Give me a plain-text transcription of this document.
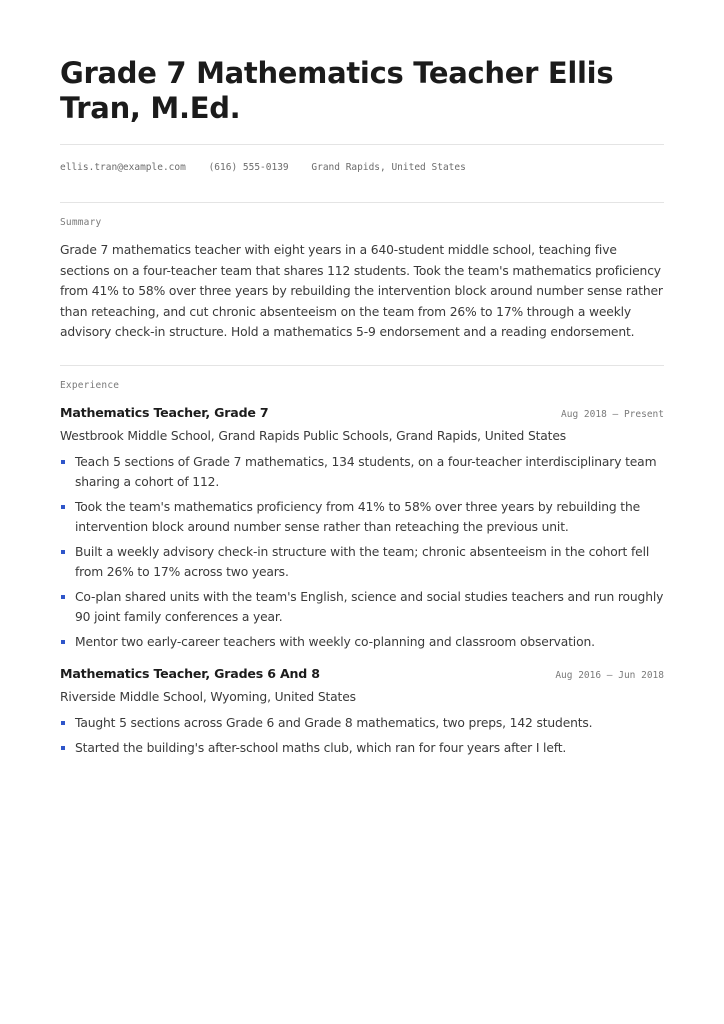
Grade 7 Mathematics Teacher Ellis Tran, M.Ed.
ellis.tran@example.com (616) 555-0139 Grand Rapids, United States
Summary

Grade 7 mathematics teacher with eight years in a 640-student middle school, teaching five sections on a four-teacher team that shares 112 students. Took the team's mathematics proficiency from 41% to 58% over three years by rebuilding the intervention block around number sense rather than reteaching, and cut chronic absenteeism on the team from 26% to 17% through a weekly advisory check-in structure. Hold a mathematics 5-9 endorsement and a reading endorsement.

Experience
Mathematics Teacher, Grade 7	Aug 2018 — Present
Westbrook Middle School, Grand Rapids Public Schools, Grand Rapids, United States
Teach 5 sections of Grade 7 mathematics, 134 students, on a four-teacher interdisciplinary team sharing a cohort of 112.
Took the team's mathematics proficiency from 41% to 58% over three years by rebuilding the intervention block around number sense rather than reteaching the previous unit.
Built a weekly advisory check-in structure with the team; chronic absenteeism in the cohort fell from 26% to 17% across two years.
Co-plan shared units with the team's English, science and social studies teachers and run roughly 90 joint family conferences a year.
Mentor two early-career teachers with weekly co-planning and classroom observation.
Mathematics Teacher, Grades 6 And 8	Aug 2016 — Jun 2018
Riverside Middle School, Wyoming, United States
Taught 5 sections across Grade 6 and Grade 8 mathematics, two preps, 142 students.
Started the building's after-school maths club, which ran for four years after I left.
